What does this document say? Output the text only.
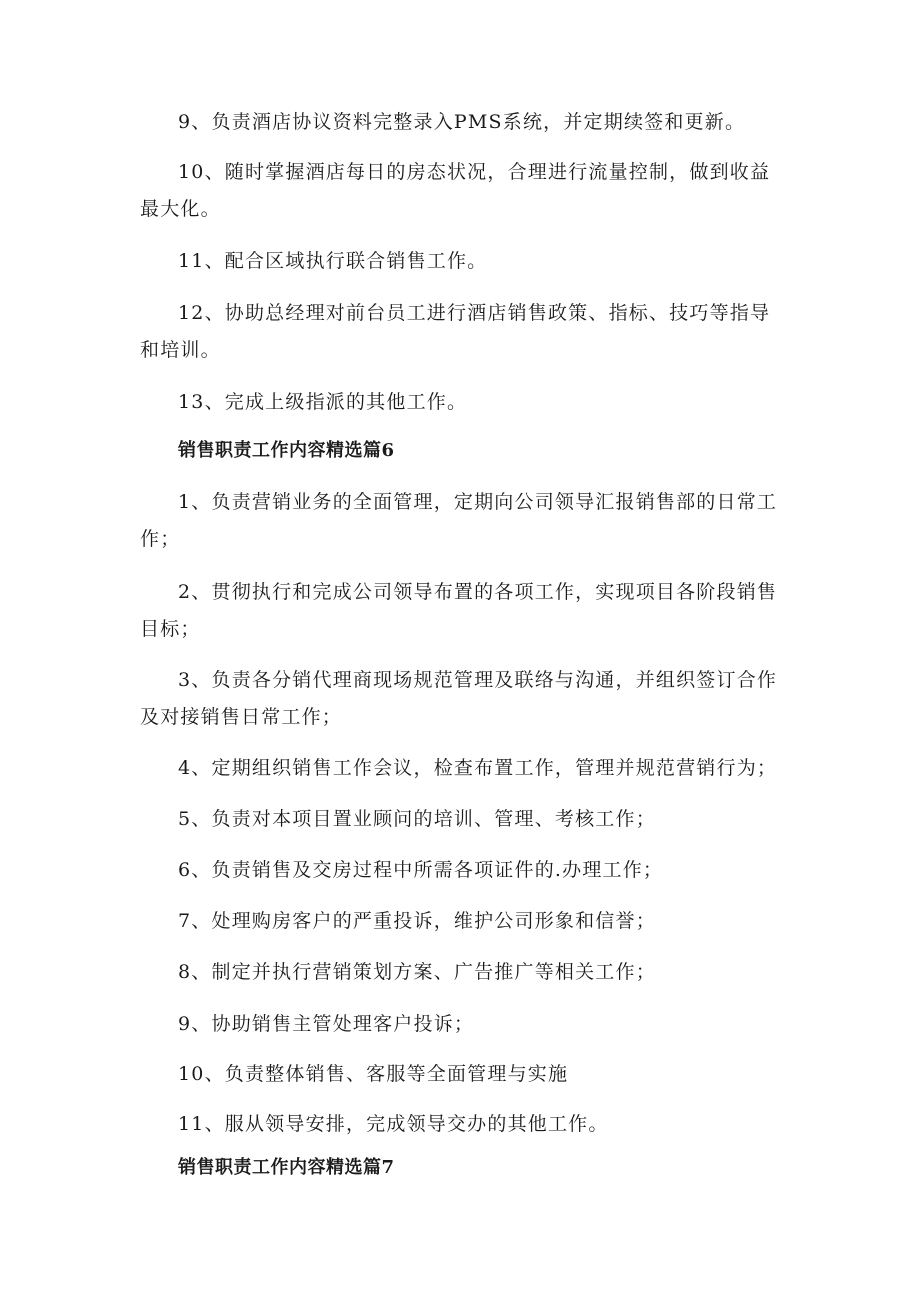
9、负责酒店协议资料完整录入PMS系统，并定期续签和更新。

10、随时掌握酒店每日的房态状况，合理进行流量控制，做到收益最大化。

11、配合区域执行联合销售工作。

12、协助总经理对前台员工进行酒店销售政策、指标、技巧等指导和培训。

13、完成上级指派的其他工作。

销售职责工作内容精选篇6

1、负责营销业务的全面管理，定期向公司领导汇报销售部的日常工作；

2、贯彻执行和完成公司领导布置的各项工作，实现项目各阶段销售目标；

3、负责各分销代理商现场规范管理及联络与沟通，并组织签订合作及对接销售日常工作；

4、定期组织销售工作会议，检查布置工作，管理并规范营销行为；

5、负责对本项目置业顾问的培训、管理、考核工作；

6、负责销售及交房过程中所需各项证件的.办理工作；

7、处理购房客户的严重投诉，维护公司形象和信誉；

8、制定并执行营销策划方案、广告推广等相关工作；

9、协助销售主管处理客户投诉；

10、负责整体销售、客服等全面管理与实施

11、服从领导安排，完成领导交办的其他工作。

销售职责工作内容精选篇7
